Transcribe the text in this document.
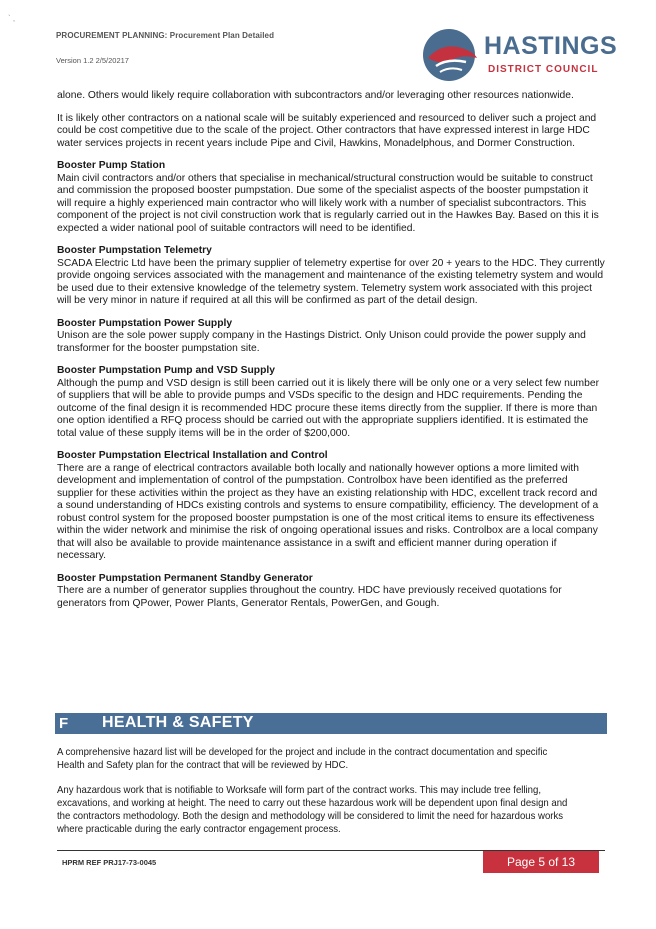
` ,
PROCUREMENT PLANNING: Procurement Plan Detailed
Version 1.2 2/5/20217
HASTINGS
DISTRICT COUNCIL

alone. Others would likely require collaboration with subcontractors and/or leveraging other resources nationwide.

It is likely other contractors on a national scale will be suitably experienced and resourced to deliver such a project and could be cost competitive due to the scale of the project. Other contractors that have expressed interest in large HDC water services projects in recent years include Pipe and Civil, Hawkins, Monadelphous, and Dormer Construction.

Booster Pump Station

Main civil contractors and/or others that specialise in mechanical/structural construction would be suitable to construct and commission the proposed booster pumpstation. Due some of the specialist aspects of the booster pumpstation it will require a highly experienced main contractor who will likely work with a number of specialist subcontractors. This component of the project is not civil construction work that is regularly carried out in the Hawkes Bay. Based on this it is expected a wider national pool of suitable contractors will need to be identified.

Booster Pumpstation Telemetry

SCADA Electric Ltd have been the primary supplier of telemetry expertise for over 20 + years to the HDC. They currently provide ongoing services associated with the management and maintenance of the existing telemetry system and would be used due to their extensive knowledge of the telemetry system. Telemetry system work associated with this project will be very minor in nature if required at all this will be confirmed as part of the detail design.

Booster Pumpstation Power Supply

Unison are the sole power supply company in the Hastings District. Only Unison could provide the power supply and transformer for the booster pumpstation site.

Booster Pumpstation Pump and VSD Supply

Although the pump and VSD design is still been carried out it is likely there will be only one or a very select few number of suppliers that will be able to provide pumps and VSDs specific to the design and HDC requirements. Pending the outcome of the final design it is recommended HDC procure these items directly from the supplier. If there is more than one option identified a RFQ process should be carried out with the appropriate suppliers identified. It is estimated the total value of these supply items will be in the order of $200,000.

Booster Pumpstation Electrical Installation and Control

There are a range of electrical contractors available both locally and nationally however options a more limited with development and implementation of control of the pumpstation. Controlbox have been identified as the preferred supplier for these activities within the project as they have an existing relationship with HDC, excellent track record and a sound understanding of HDCs existing controls and systems to ensure compatibility, efficiency. The development of a robust control system for the proposed booster pumpstation is one of the most critical items to ensure its effectiveness within the wider network and minimise the risk of ongoing operational issues and risks. Controlbox are a local company that will also be available to provide maintenance assistance in a swift and efficient manner during operation if necessary.

Booster Pumpstation Permanent Standby Generator

There are a number of generator supplies throughout the country. HDC have previously received quotations for generators from QPower, Power Plants, Generator Rentals, PowerGen, and Gough.

F HEALTH & SAFETY

A comprehensive hazard list will be developed for the project and include in the contract documentation and specific Health and Safety plan for the contract that will be reviewed by HDC.

Any hazardous work that is notifiable to Worksafe will form part of the contract works. This may include tree felling, excavations, and working at height. The need to carry out these hazardous work will be dependent upon final design and the contractors methodology. Both the design and methodology will be considered to limit the need for hazardous works where practicable during the early contractor engagement process.

HPRM REF PRJ17-73-0045	Page 5 of 13
